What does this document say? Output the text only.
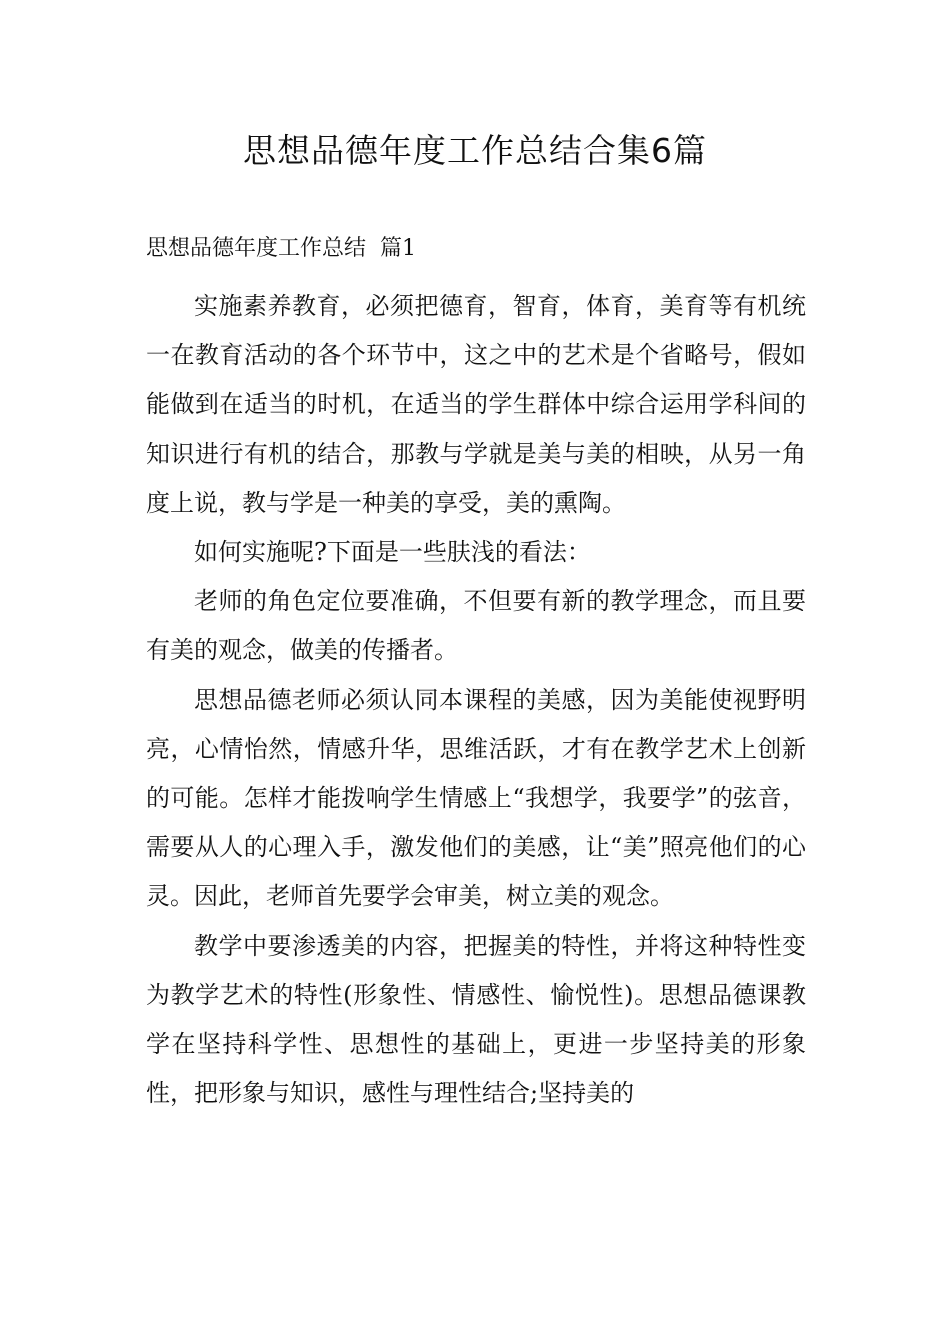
思想品德年度工作总结合集6篇
思想品德年度工作总结  篇1

实施素养教育，必须把德育，智育，体育，美育等有机统一在教育活动的各个环节中，这之中的艺术是个省略号，假如能做到在适当的时机，在适当的学生群体中综合运用学科间的知识进行有机的结合，那教与学就是美与美的相映，从另一角度上说，教与学是一种美的享受，美的熏陶。

如何实施呢?下面是一些肤浅的看法：

老师的角色定位要准确，不但要有新的教学理念，而且要有美的观念，做美的传播者。

思想品德老师必须认同本课程的美感，因为美能使视野明亮，心情怡然，情感升华，思维活跃，才有在教学艺术上创新的可能。怎样才能拨响学生情感上“我想学，我要学”的弦音，需要从人的心理入手，激发他们的美感，让“美”照亮他们的心灵。因此，老师首先要学会审美，树立美的观念。

教学中要渗透美的内容，把握美的特性，并将这种特性变为教学艺术的特性(形象性、情感性、愉悦性)。思想品德课教学在坚持科学性、思想性的基础上，更进一步坚持美的形象性，把形象与知识，感性与理性结合;坚持美的
